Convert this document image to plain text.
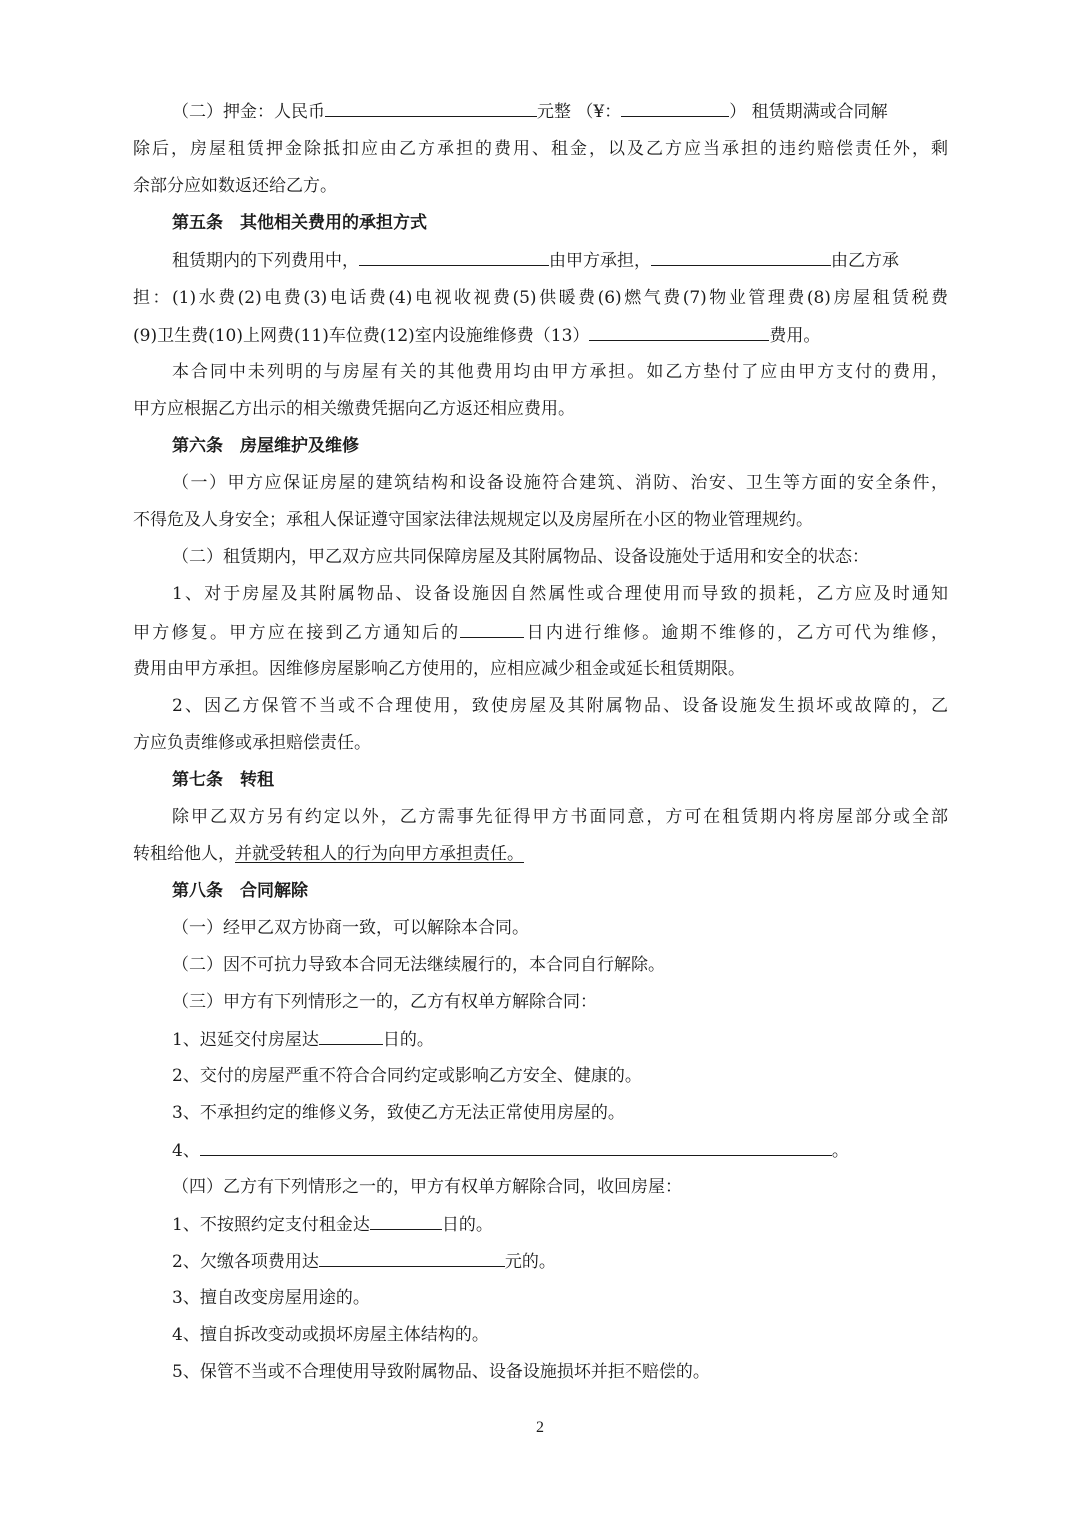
（二）押金：人民币	元整 （¥：	） 租赁期满或合同解
除后，房屋租赁押金除抵扣应由乙方承担的费用、租金，以及乙方应当承担的违约赔偿责任外，剩
余部分应如数返还给乙方。
第五条　其他相关费用的承担方式
租赁期内的下列费用中，	由甲方承担，	由乙方承
担：(1)水费(2)电费(3)电话费(4)电视收视费(5)供暖费(6)燃气费(7)物业管理费(8)房屋租赁税费
(9)卫生费(10)上网费(11)车位费(12)室内设施维修费（13）	费用。
本合同中未列明的与房屋有关的其他费用均由甲方承担。如乙方垫付了应由甲方支付的费用，
甲方应根据乙方出示的相关缴费凭据向乙方返还相应费用。
第六条　房屋维护及维修
（一）甲方应保证房屋的建筑结构和设备设施符合建筑、消防、治安、卫生等方面的安全条件，
不得危及人身安全；承租人保证遵守国家法律法规规定以及房屋所在小区的物业管理规约。
（二）租赁期内，甲乙双方应共同保障房屋及其附属物品、设备设施处于适用和安全的状态：
1、对于房屋及其附属物品、设备设施因自然属性或合理使用而导致的损耗，乙方应及时通知
甲方修复。甲方应在接到乙方通知后的	日内进行维修。逾期不维修的，乙方可代为维修，
费用由甲方承担。因维修房屋影响乙方使用的，应相应减少租金或延长租赁期限。
2、因乙方保管不当或不合理使用，致使房屋及其附属物品、设备设施发生损坏或故障的，乙
方应负责维修或承担赔偿责任。
第七条　转租
除甲乙双方另有约定以外，乙方需事先征得甲方书面同意，方可在租赁期内将房屋部分或全部
转租给他人，并就受转租人的行为向甲方承担责任。
第八条　合同解除
（一）经甲乙双方协商一致，可以解除本合同。
（二）因不可抗力导致本合同无法继续履行的，本合同自行解除。
（三）甲方有下列情形之一的，乙方有权单方解除合同：
1、迟延交付房屋达	日的。
2、交付的房屋严重不符合合同约定或影响乙方安全、健康的。
3、不承担约定的维修义务，致使乙方无法正常使用房屋的。
4、	。
（四）乙方有下列情形之一的，甲方有权单方解除合同，收回房屋：
1、不按照约定支付租金达	日的。
2、欠缴各项费用达	元的。
3、擅自改变房屋用途的。
4、擅自拆改变动或损坏房屋主体结构的。
5、保管不当或不合理使用导致附属物品、设备设施损坏并拒不赔偿的。
2
